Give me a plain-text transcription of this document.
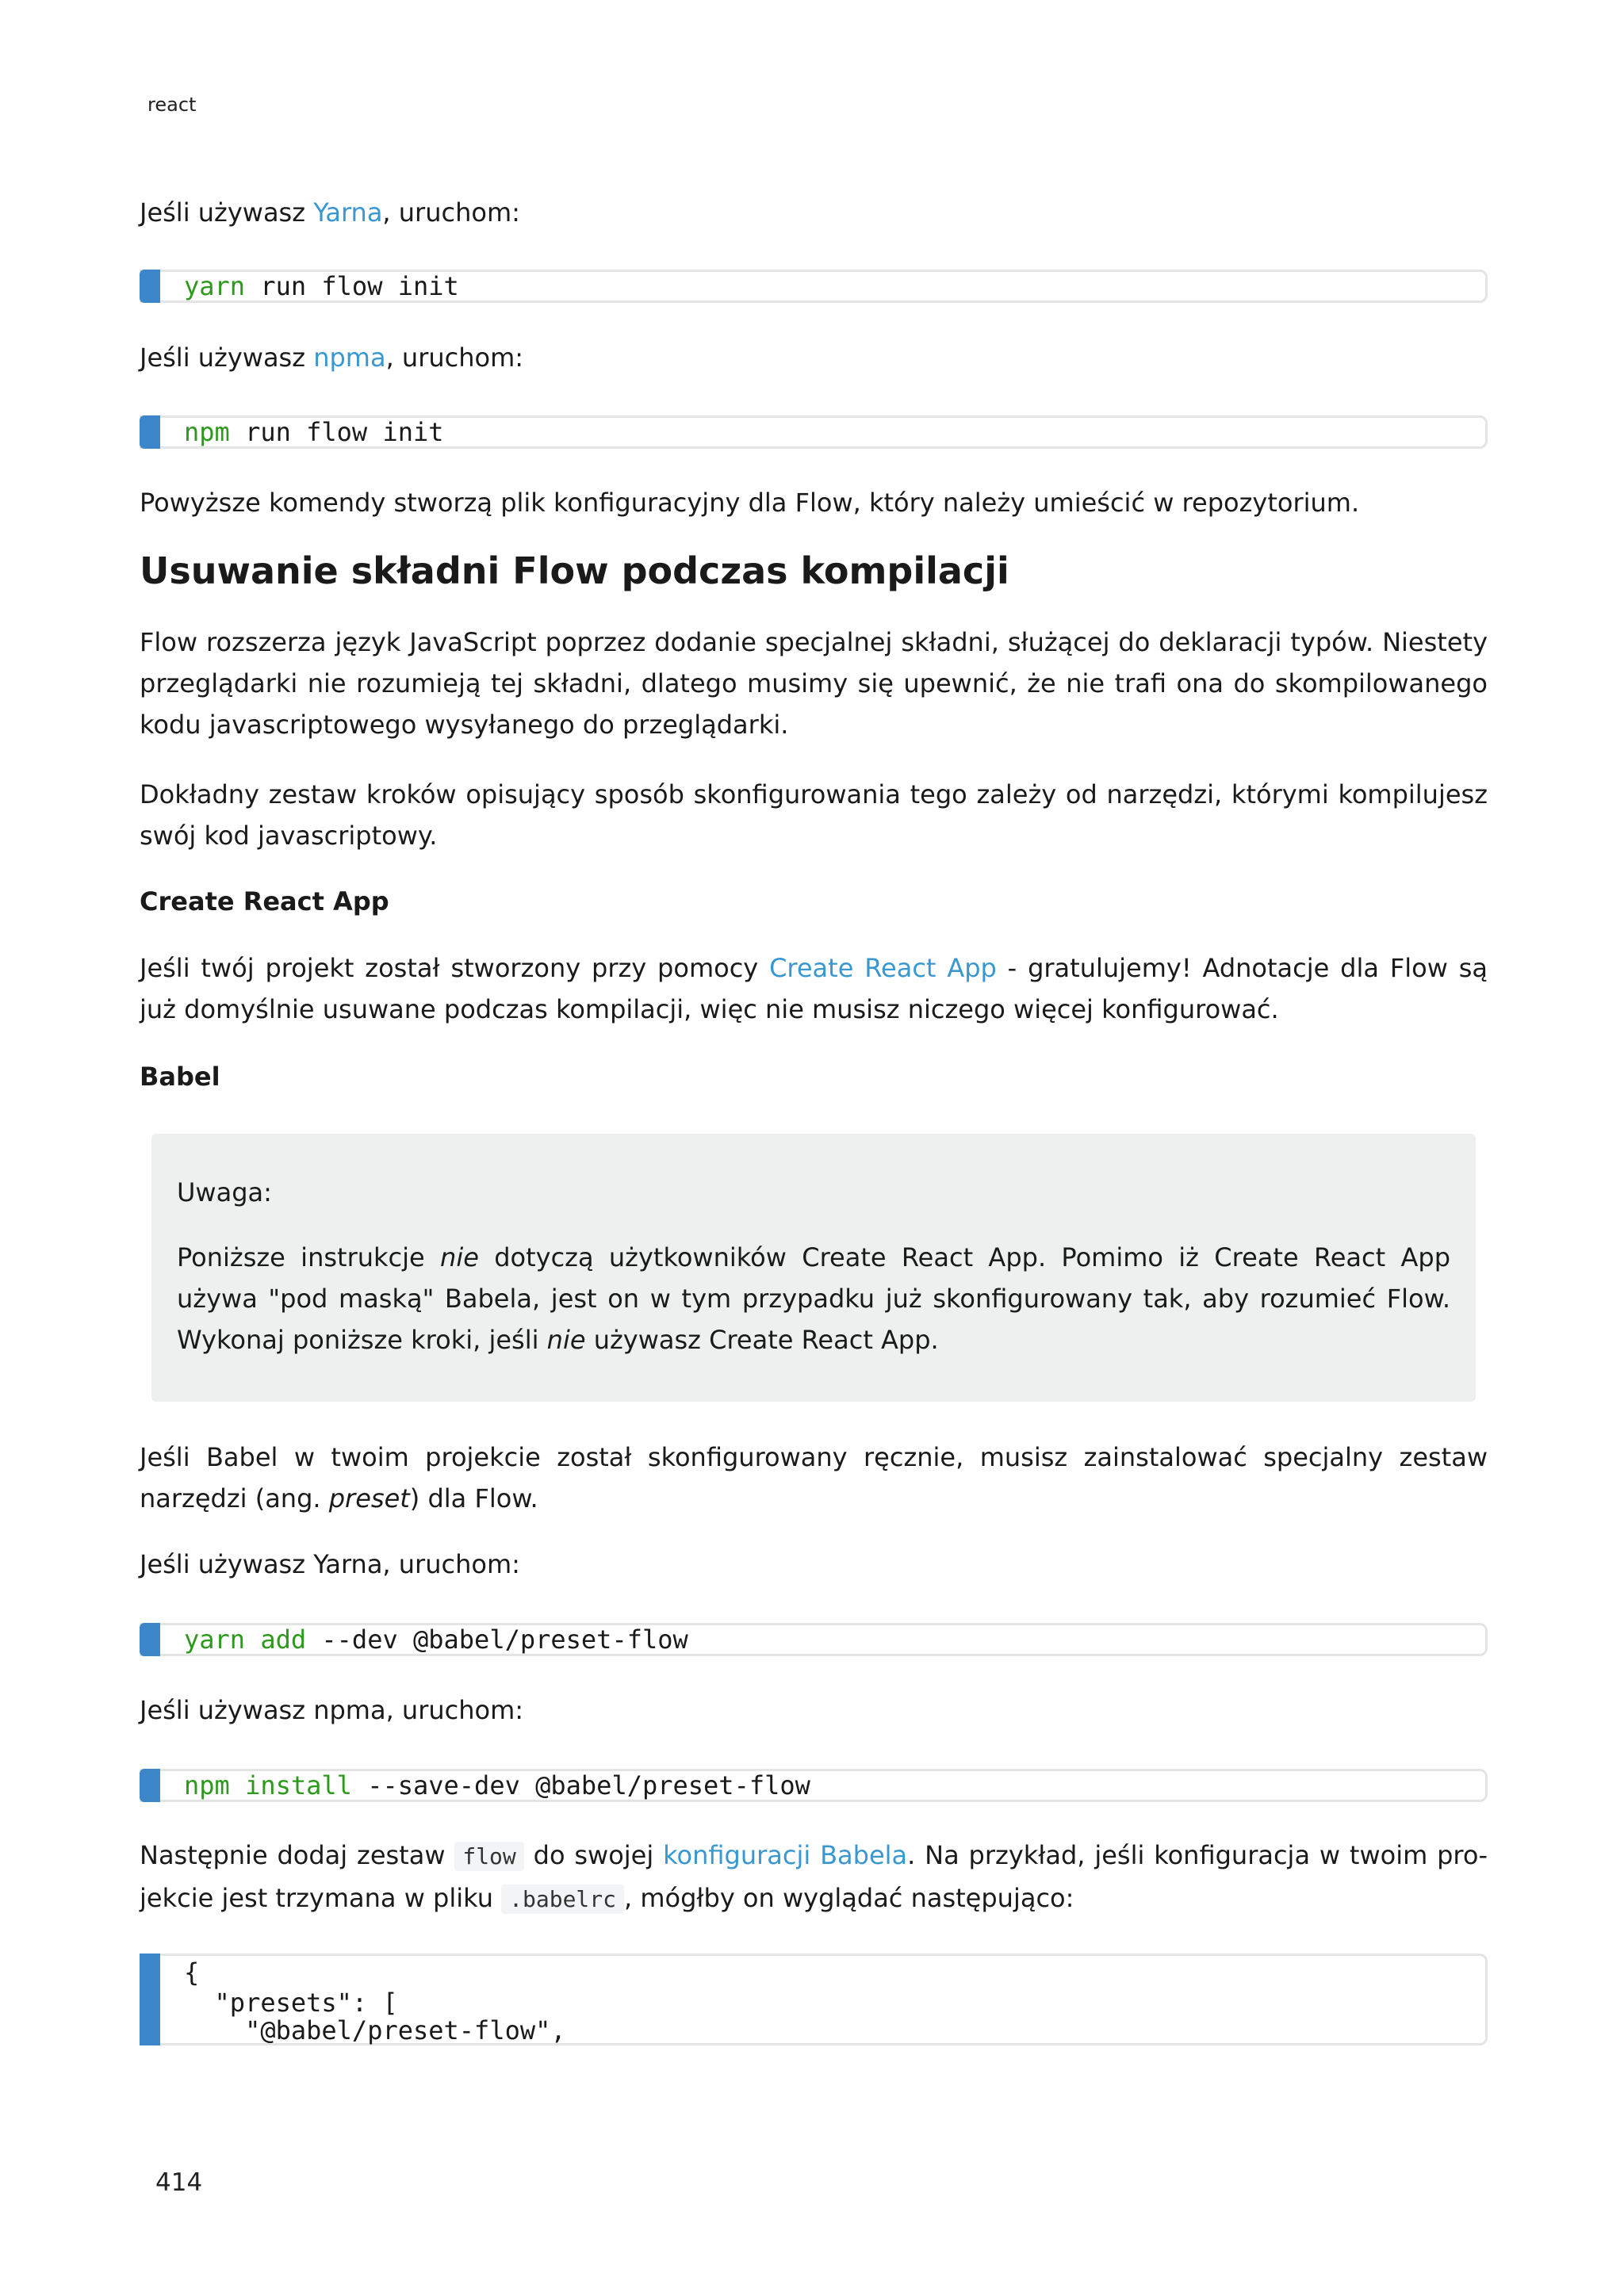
react

Jeśli używasz Yarna, uruchom:

yarn run flow init

Jeśli używasz npma, uruchom:

npm run flow init

Powyższe komendy stworzą plik konfiguracyjny dla Flow, który należy umieścić w repozytorium.

Usuwanie składni Flow podczas kompilacji

Flow rozszerza język JavaScript poprzez dodanie specjalnej składni, służącej do deklaracji typów. Niestety przeglądarki nie rozumieją tej składni, dlatego musimy się upewnić, że nie trafi ona do skompilowanego kodu javascriptowego wysyłanego do przeglądarki.

Dokładny zestaw kroków opisujący sposób skonfigurowania tego zależy od narzędzi, którymi kompilujesz swój kod javascriptowy.

Create React App

Jeśli twój projekt został stworzony przy pomocy Create React App - gratulujemy! Adnotacje dla Flow są już domyślnie usuwane podczas kompilacji, więc nie musisz niczego więcej konfigurować.

Babel
Uwaga:

Poniższe instrukcje nie dotyczą użytkowników Create React App. Pomimo iż Create React App używa "pod maską" Babela, jest on w tym przypadku już skonfigurowany tak, aby rozumieć Flow. Wykonaj poniższe kroki, jeśli nie używasz Create React App.

Jeśli Babel w twoim projekcie został skonfigurowany ręcznie, musisz zainstalować specjalny zestaw narzędzi (ang. preset) dla Flow.

Jeśli używasz Yarna, uruchom:

yarn add --dev @babel/preset-flow

Jeśli używasz npma, uruchom:

npm install --save-dev @babel/preset-flow

Następnie dodaj zestaw flow do swojej konfiguracji Babela. Na przykład, jeśli konfiguracja w twoim projekcie jest trzymana w pliku .babelrc , mógłby on wyglądać następująco:

{
"presets": [
"@babel/preset-flow",
414
